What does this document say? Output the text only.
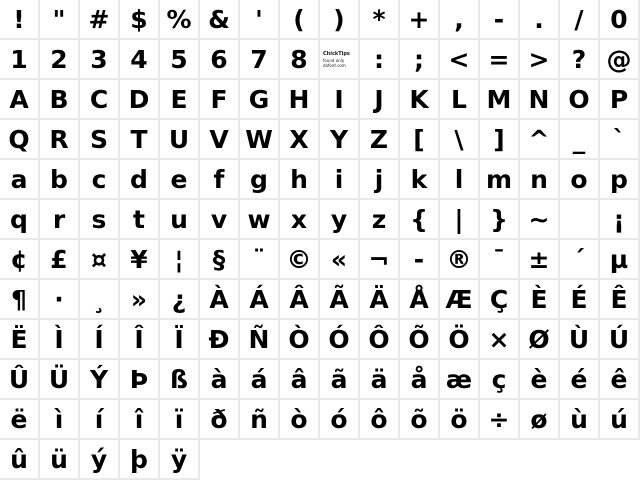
! " # $ % & ' ( ) * + , - . / 0
1 2 3 4 5 6 7 8	ChickTips
found only
dafont.com : ; < = > ? @
A B C D E F G H I J K L M N O P
Q R S T U V W X Y Z [ \ ] ^ _ `
a b c d e f g h i j k l m n o p
q r s t u v w x y z { | } ~	¡
¢ £ ¤ ¥ ¦ § ¨ © « ¬ - ® ¯ ± ´ µ
¶ · ¸ » ¿ À Á Â Ã Ä Å Æ Ç È É Ê
Ë Ì Í Î Ï Ð Ñ Ò Ó Ô Õ Ö × Ø Ù Ú
Û Ü Ý Þ ß à á â ã ä å æ ç è é ê
ë ì í î ï ð ñ ò ó ô õ ö ÷ ø ù ú
û ü ý þ ÿ
